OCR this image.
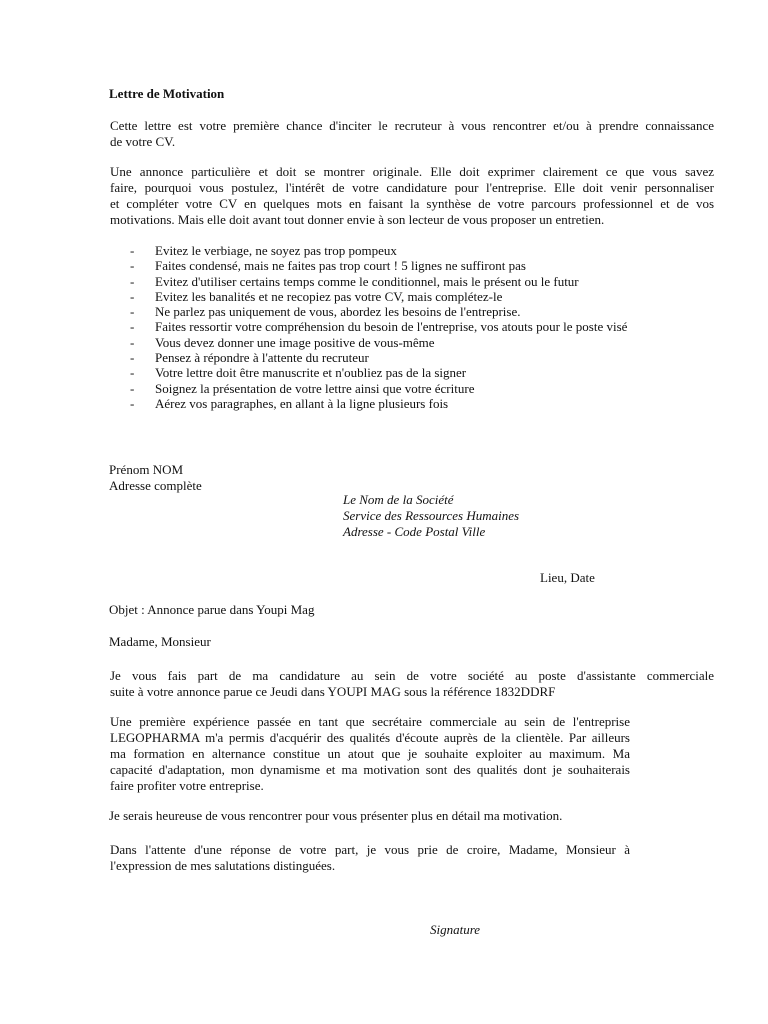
Lettre de Motivation
Cette lettre est votre première chance d'inciter le recruteur à vous rencontrer et/ou à prendre connaissance
de votre CV.
Une annonce particulière et doit se montrer originale. Elle doit exprimer clairement ce que vous savez
faire, pourquoi vous postulez, l'intérêt de votre candidature pour l'entreprise. Elle doit venir personnaliser
et compléter votre CV en quelques mots en faisant la synthèse de votre parcours professionnel et de vos
motivations. Mais elle doit avant tout donner envie à son lecteur de vous proposer un entretien.
- Evitez le verbiage, ne soyez pas trop pompeux
- Faites condensé, mais ne faites pas trop court ! 5 lignes ne suffiront pas
- Evitez d'utiliser certains temps comme le conditionnel, mais le présent ou le futur
- Evitez les banalités et ne recopiez pas votre CV, mais complétez-le
- Ne parlez pas uniquement de vous, abordez les besoins de l'entreprise.
- Faites ressortir votre compréhension du besoin de l'entreprise, vos atouts pour le poste visé
- Vous devez donner une image positive de vous-même
- Pensez à répondre à l'attente du recruteur
- Votre lettre doit être manuscrite et n'oubliez pas de la signer
- Soignez la présentation de votre lettre ainsi que votre écriture
- Aérez vos paragraphes, en allant à la ligne plusieurs fois
Prénom NOM
Adresse complète
Le Nom de la Société
Service des Ressources Humaines
Adresse - Code Postal Ville
Lieu, Date
Objet : Annonce parue dans Youpi Mag
Madame, Monsieur
Je vous fais part de ma candidature au sein de votre société au poste d'assistante commerciale
suite à votre annonce parue ce Jeudi dans YOUPI MAG sous la référence 1832DDRF
Une première expérience passée en tant que secrétaire commerciale au sein de l'entreprise
LEGOPHARMA m'a permis d'acquérir des qualités d'écoute auprès de la clientèle. Par ailleurs
ma formation en alternance constitue un atout que je souhaite exploiter au maximum. Ma
capacité d'adaptation, mon dynamisme et ma motivation sont des qualités dont je souhaiterais
faire profiter votre entreprise.
Je serais heureuse de vous rencontrer pour vous présenter plus en détail ma motivation.
Dans l'attente d'une réponse de votre part, je vous prie de croire, Madame, Monsieur à
l'expression de mes salutations distinguées.
Signature
